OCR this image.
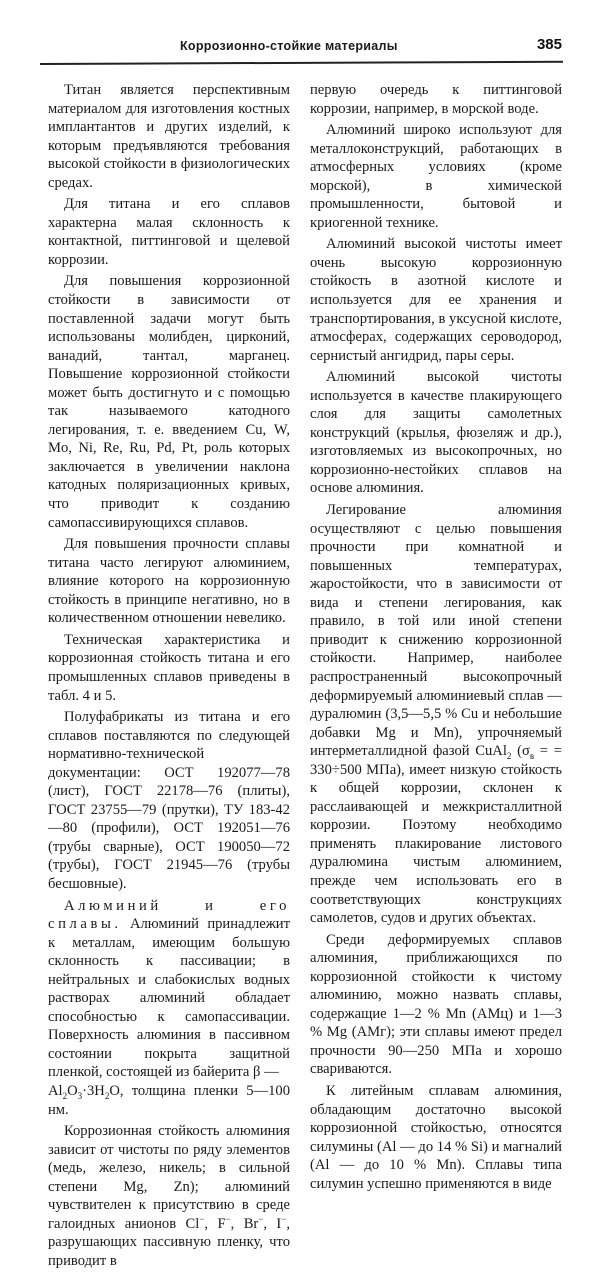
Коррозионно-стойкие материалы	385

Титан является перспективным материалом для изготовления костных имплантантов и других изделий, к которым предъявляются требования высокой стойкости в физиологических средах.

Для титана и его сплавов характерна малая склонность к контактной, питтинговой и щелевой коррозии.

Для повышения коррозионной стойкости в зависимости от поставленной задачи могут быть использованы молибден, цирконий, ванадий, тантал, марганец. Повышение коррозионной стойкости может быть достигнуто и с помощью так называемого катодного легирования, т. е. введением Cu, W, Mo, Ni, Re, Ru, Pd, Pt, роль которых заключается в увеличении наклона катодных поляризационных кривых, что приводит к созданию самопассивирующихся сплавов.

Для повышения прочности сплавы титана часто легируют алюминием, влияние которого на коррозионную стойкость в принципе негативно, но в количественном отношении невелико.

Техническая характеристика и коррозионная стойкость титана и его промышленных сплавов приведены в табл. 4 и 5.

Полуфабрикаты из титана и его сплавов поставляются по следующей нормативно-технической документации: ОСТ 192077—78 (лист), ГОСТ 22178—76 (плиты), ГОСТ 23755—79 (прутки), ТУ 183-42—80 (профили), ОСТ 192051—76 (трубы сварные), ОСТ 190050—72 (трубы), ГОСТ 21945—76 (трубы бесшовные).

Алюминий и его сплавы. Алюминий принадлежит к металлам, имеющим большую склонность к пассивации; в нейтральных и слабокислых водных растворах алюминий обладает способностью к самопассивации. Поверхность алюминия в пассивном состоянии покрыта защитной пленкой, состоящей из байерита β —
$Al_2O_3\cdot 3H_2O$, толщина пленки 5—100 нм.

Коррозионная стойкость алюминия зависит от чистоты по ряду элементов (медь, железо, никель; в сильной степени Mg, Zn); алюминий чувствителен к присутствию в среде галоидных анионов Cl−, F−, Br−, I−, разрушающих пассивную пленку, что приводит в

первую очередь к питтинговой коррозии, например, в морской воде.

Алюминий широко используют для металлоконструкций, работающих в атмосферных условиях (кроме морской), в химической промышленности, бытовой и криогенной технике.

Алюминий высокой чистоты имеет очень высокую коррозионную стойкость в азотной кислоте и используется для ее хранения и транспортирования, в уксусной кислоте, атмосферах, содержащих сероводород, сернистый ангидрид, пары серы.

Алюминий высокой чистоты используется в качестве плакирующего слоя для защиты самолетных конструкций (крылья, фюзеляж и др.), изготовляемых из высокопрочных, но коррозионно-нестойких сплавов на основе алюминия.

Легирование алюминия осуществляют с целью повышения прочности при комнатной и повышенных температурах, жаростойкости, что в зависимости от вида и степени легирования, как правило, в той или иной степени приводит к снижению коррозионной стойкости. Например, наиболее распространенный высокопрочный деформируемый алюминиевый сплав — дуралюмин (3,5—5,5 % Cu и небольшие добавки Mg и Mn), упрочняемый интерметаллидной фазой CuAl$_2$ ($\sigma_в$ = = 330÷500 МПа), имеет низкую стойкость к общей коррозии, склонен к расслаивающей и межкристаллитной коррозии. Поэтому необходимо применять плакирование листового дуралюмина чистым алюминием, прежде чем использовать его в соответствующих конструкциях самолетов, судов и других объектах.

Среди деформируемых сплавов алюминия, приближающихся по коррозионной стойкости к чистому алюминию, можно назвать сплавы, содержащие 1—2 % Mn (АМц) и 1—3 % Mg (АМг); эти сплавы имеют предел прочности 90—250 МПа и хорошо свариваются.

К литейным сплавам алюминия, обладающим достаточно высокой коррозионной стойкостью, относятся силумины (Al — до 14 % Si) и магналий (Al — до 10 % Mn). Сплавы типа силумин успешно применяются в виде
